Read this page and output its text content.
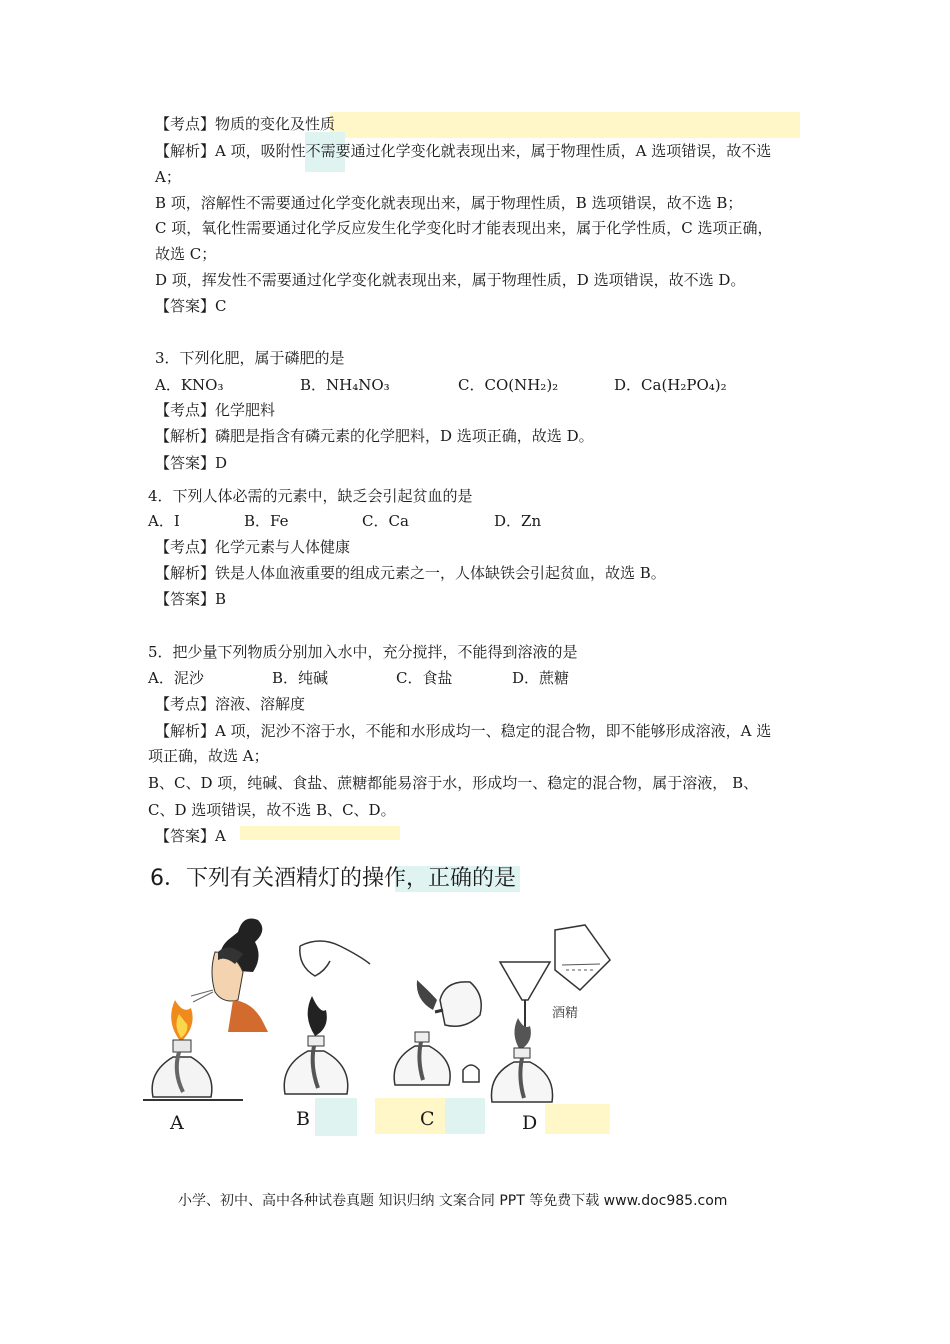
【考点】物质的变化及性质
【解析】A 项，吸附性不需要通过化学变化就表现出来，属于物理性质，A 选项错误，故不选
A；
B 项，溶解性不需要通过化学变化就表现出来，属于物理性质，B 选项错误，故不选 B；
C 项，氧化性需要通过化学反应发生化学变化时才能表现出来，属于化学性质，C 选项正确，
故选 C；
D 项，挥发性不需要通过化学变化就表现出来，属于物理性质，D 选项错误，故不选 D。
【答案】C
3．下列化肥，属于磷肥的是
A．KNO₃	B．NH₄NO₃	C．CO(NH₂)₂	D．Ca(H₂PO₄)₂
【考点】化学肥料
【解析】磷肥是指含有磷元素的化学肥料，D 选项正确，故选 D。
【答案】D
4．下列人体必需的元素中，缺乏会引起贫血的是
A．I	B．Fe	C．Ca	D．Zn
【考点】化学元素与人体健康
【解析】铁是人体血液重要的组成元素之一，人体缺铁会引起贫血，故选 B。
【答案】B
5．把少量下列物质分别加入水中，充分搅拌，不能得到溶液的是
A．泥沙	B．纯碱	C．食盐	D．蔗糖
【考点】溶液、溶解度
【解析】A 项，泥沙不溶于水，不能和水形成均一、稳定的混合物，即不能够形成溶液，A 选
项正确，故选 A；
B、C、D 项，纯碱、食盐、蔗糖都能易溶于水，形成均一、稳定的混合物，属于溶液， B、
C、D 选项错误，故不选 B、C、D。
【答案】A
6．下列有关酒精灯的操作，正确的是
A	B	C
酒精
D
小学、初中、高中各种试卷真题 知识归纳 文案合同 PPT 等免费下载 www.doc985.com
